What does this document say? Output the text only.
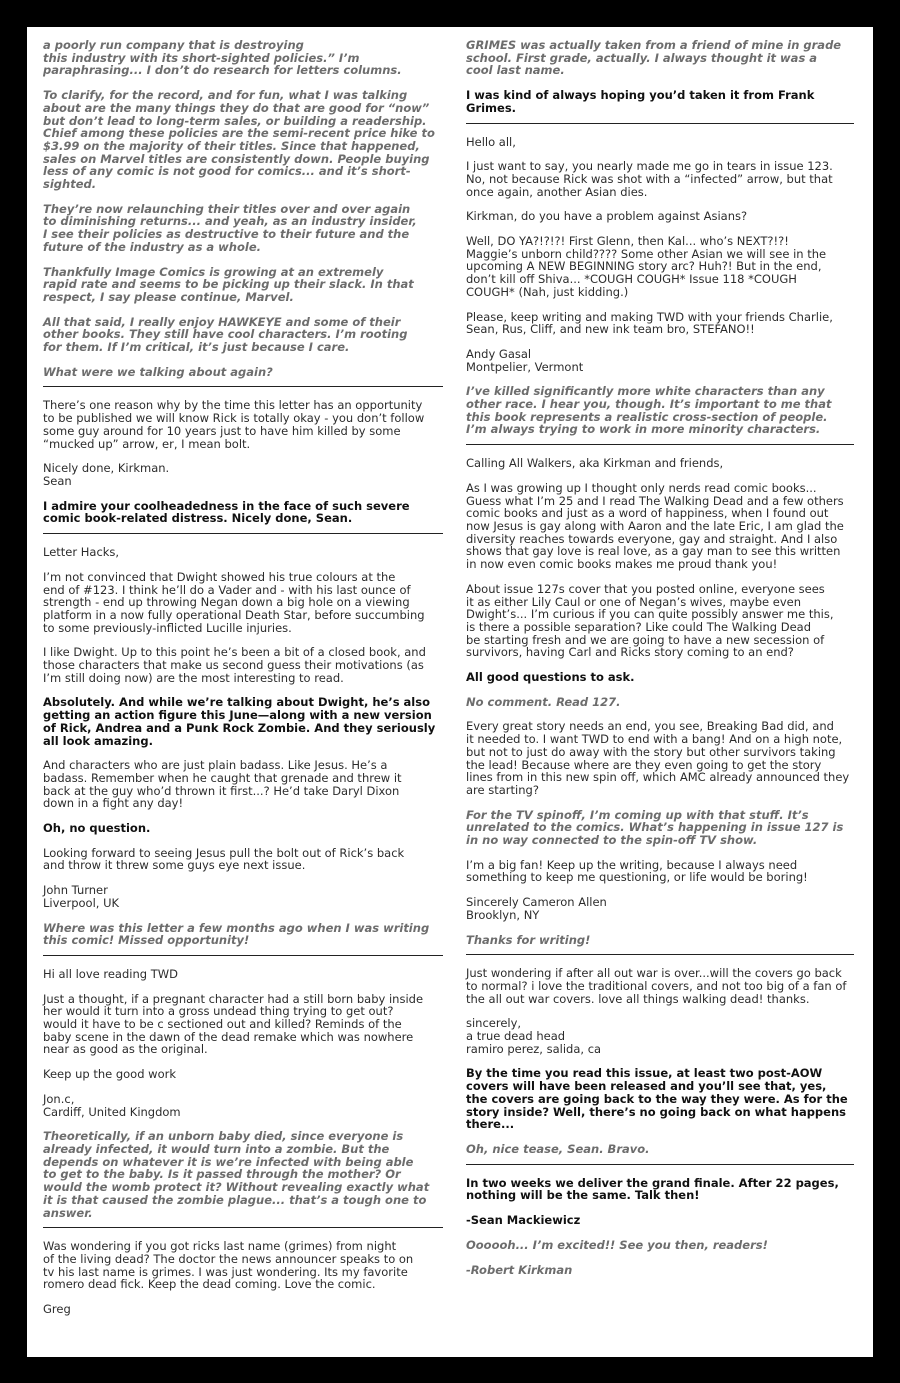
a poorly run company that is destroying
this industry with its short-sighted policies.” I’m
paraphrasing... I don’t do research for letters columns.

To clarify, for the record, and for fun, what I was talking
about are the many things they do that are good for “now”
but don’t lead to long-term sales, or building a readership.
Chief among these policies are the semi-recent price hike to
$3.99 on the majority of their titles. Since that happened,
sales on Marvel titles are consistently down. People buying
less of any comic is not good for comics... and it’s short-
sighted.

They’re now relaunching their titles over and over again
to diminishing returns... and yeah, as an industry insider,
I see their policies as destructive to their future and the
future of the industry as a whole.

Thankfully Image Comics is growing at an extremely
rapid rate and seems to be picking up their slack. In that
respect, I say please continue, Marvel.

All that said, I really enjoy HAWKEYE and some of their
other books. They still have cool characters. I’m rooting
for them. If I’m critical, it’s just because I care.

What were we talking about again?

There’s one reason why by the time this letter has an opportunity
to be published we will know Rick is totally okay - you don’t follow
some guy around for 10 years just to have him killed by some
“mucked up” arrow, er, I mean bolt.

Nicely done, Kirkman.
Sean

I admire your coolheadedness in the face of such severe
comic book-related distress. Nicely done, Sean.

Letter Hacks,

I’m not convinced that Dwight showed his true colours at the
end of #123. I think he’ll do a Vader and - with his last ounce of
strength - end up throwing Negan down a big hole on a viewing
platform in a now fully operational Death Star, before succumbing
to some previously-inflicted Lucille injuries.

I like Dwight. Up to this point he’s been a bit of a closed book, and
those characters that make us second guess their motivations (as
I’m still doing now) are the most interesting to read.

Absolutely. And while we’re talking about Dwight, he’s also
getting an action figure this June—along with a new version
of Rick, Andrea and a Punk Rock Zombie. And they seriously
all look amazing.

And characters who are just plain badass. Like Jesus. He’s a
badass. Remember when he caught that grenade and threw it
back at the guy who’d thrown it first...? He’d take Daryl Dixon
down in a fight any day!

Oh, no question.

Looking forward to seeing Jesus pull the bolt out of Rick’s back
and throw it threw some guys eye next issue.

John Turner
Liverpool, UK

Where was this letter a few months ago when I was writing
this comic! Missed opportunity!

Hi all love reading TWD

Just a thought, if a pregnant character had a still born baby inside
her would it turn into a gross undead thing trying to get out?
would it have to be c sectioned out and killed? Reminds of the
baby scene in the dawn of the dead remake which was nowhere
near as good as the original.

Keep up the good work

Jon.c,
Cardiff, United Kingdom

Theoretically, if an unborn baby died, since everyone is
already infected, it would turn into a zombie. But the
depends on whatever it is we’re infected with being able
to get to the baby. Is it passed through the mother? Or
would the womb protect it? Without revealing exactly what
it is that caused the zombie plague... that’s a tough one to
answer.

Was wondering if you got ricks last name (grimes) from night
of the living dead? The doctor the news announcer speaks to on
tv his last name is grimes. I was just wondering. Its my favorite
romero dead fick. Keep the dead coming. Love the comic.

Greg

GRIMES was actually taken from a friend of mine in grade
school. First grade, actually. I always thought it was a
cool last name.

I was kind of always hoping you’d taken it from Frank
Grimes.

Hello all,

I just want to say, you nearly made me go in tears in issue 123.
No, not because Rick was shot with a “infected” arrow, but that
once again, another Asian dies.

Kirkman, do you have a problem against Asians?

Well, DO YA?!?!?! First Glenn, then Kal... who’s NEXT?!?!
Maggie’s unborn child???? Some other Asian we will see in the
upcoming A NEW BEGINNING story arc? Huh?! But in the end,
don’t kill off Shiva... *COUGH COUGH* Issue 118 *COUGH
COUGH* (Nah, just kidding.)

Please, keep writing and making TWD with your friends Charlie,
Sean, Rus, Cliff, and new ink team bro, STEFANO!!

Andy Gasal
Montpelier, Vermont

I’ve killed significantly more white characters than any
other race. I hear you, though. It’s important to me that
this book represents a realistic cross-section of people.
I’m always trying to work in more minority characters.

Calling All Walkers, aka Kirkman and friends,

As I was growing up I thought only nerds read comic books...
Guess what I’m 25 and I read The Walking Dead and a few others
comic books and just as a word of happiness, when I found out
now Jesus is gay along with Aaron and the late Eric, I am glad the
diversity reaches towards everyone, gay and straight. And I also
shows that gay love is real love, as a gay man to see this written
in now even comic books makes me proud thank you!

About issue 127s cover that you posted online, everyone sees
it as either Lily Caul or one of Negan’s wives, maybe even
Dwight’s... I’m curious if you can quite possibly answer me this,
is there a possible separation? Like could The Walking Dead
be starting fresh and we are going to have a new secession of
survivors, having Carl and Ricks story coming to an end?

All good questions to ask.

No comment. Read 127.

Every great story needs an end, you see, Breaking Bad did, and
it needed to. I want TWD to end with a bang! And on a high note,
but not to just do away with the story but other survivors taking
the lead! Because where are they even going to get the story
lines from in this new spin off, which AMC already announced they
are starting?

For the TV spinoff, I’m coming up with that stuff. It’s
unrelated to the comics. What’s happening in issue 127 is
in no way connected to the spin-off TV show.

I’m a big fan! Keep up the writing, because I always need
something to keep me questioning, or life would be boring!

Sincerely Cameron Allen
Brooklyn, NY

Thanks for writing!

Just wondering if after all out war is over...will the covers go back
to normal? i love the traditional covers, and not too big of a fan of
the all out war covers. love all things walking dead! thanks.

sincerely,
a true dead head
ramiro perez, salida, ca

By the time you read this issue, at least two post-AOW
covers will have been released and you’ll see that, yes,
the covers are going back to the way they were. As for the
story inside? Well, there’s no going back on what happens
there...

Oh, nice tease, Sean. Bravo.

In two weeks we deliver the grand finale. After 22 pages,
nothing will be the same. Talk then!

-Sean Mackiewicz

Oooooh... I’m excited!! See you then, readers!

-Robert Kirkman
